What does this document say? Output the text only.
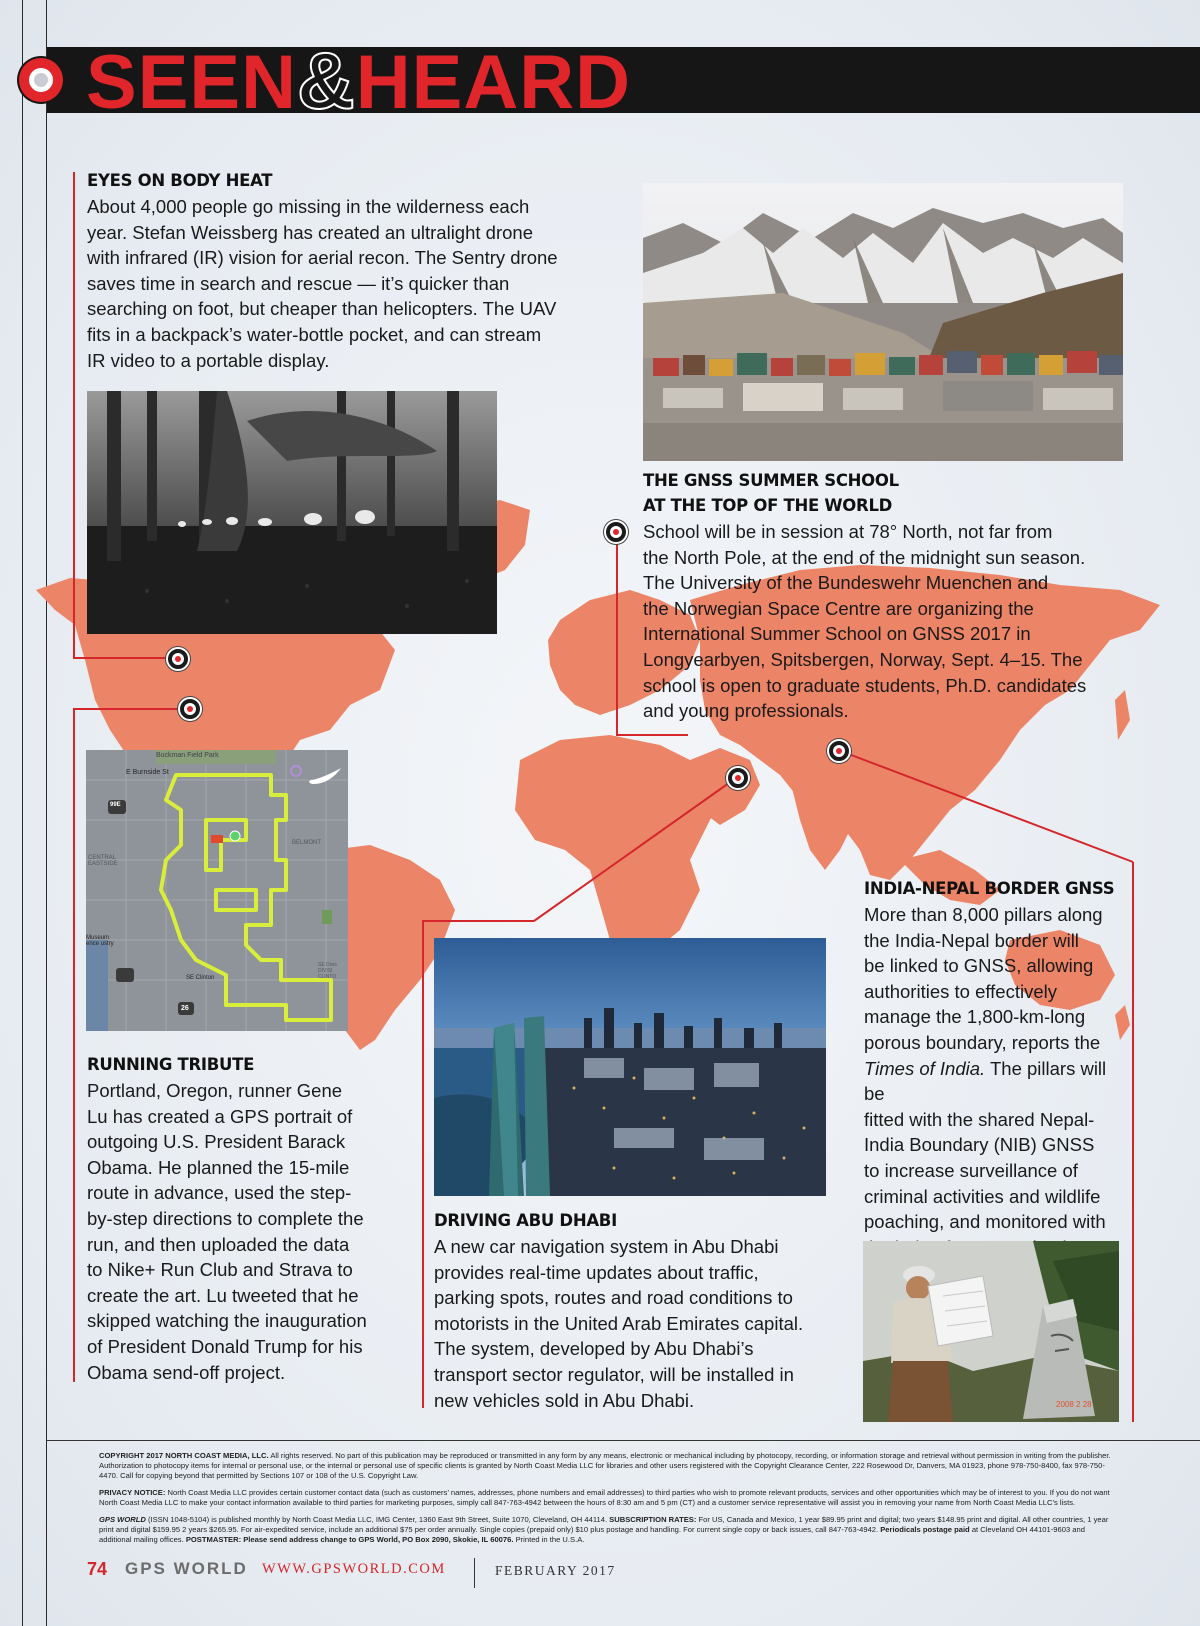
SEEN&HEARD
EYES ON BODY HEAT
About 4,000 people go missing in the wilderness each
year. Stefan Weissberg has created an ultralight drone
with infrared (IR) vision for aerial recon. The Sentry drone
saves time in search and rescue — it’s quicker than
searching on foot, but cheaper than helicopters. The UAV
fits in a backpack’s water-bottle pocket, and can stream
IR video to a portable display.
THE GNSS SUMMER SCHOOL
AT THE TOP OF THE WORLD
School will be in session at 78° North, not far from
the North Pole, at the end of the midnight sun season.
The University of the Bundeswehr Muenchen and
the Norwegian Space Centre are organizing the
International Summer School on GNSS 2017 in
Longyearbyen, Spitsbergen, Norway, Sept. 4–15. The
school is open to graduate students, Ph.D. candidates
and young professionals.
Buckman Field Park
E Burnside St
CENTRAL EASTSIDE
BELMONT
SE Clinton
Museum ence ustry
SE Divis DIVISI CLINTO
99E
26
RUNNING TRIBUTE
Portland, Oregon, runner Gene
Lu has created a GPS portrait of
outgoing U.S. President Barack
Obama. He planned the 15-mile
route in advance, used the step-
by-step directions to complete the
run, and then uploaded the data
to Nike+ Run Club and Strava to
create the art. Lu tweeted that he
skipped watching the inauguration
of President Donald Trump for his
Obama send-off project.
DRIVING ABU DHABI
A new car navigation system in Abu Dhabi
provides real-time updates about traffic,
parking spots, routes and road conditions to
motorists in the United Arab Emirates capital.
The system, developed by Abu Dhabi’s
transport sector regulator, will be installed in
new vehicles sold in Abu Dhabi.
INDIA-NEPAL BORDER GNSS
More than 8,000 pillars along
the India-Nepal border will
be linked to GNSS, allowing
authorities to effectively
manage the 1,800-km-long
porous boundary, reports the
Times of India. The pillars will be
fitted with the shared Nepal-
India Boundary (NIB) GNSS
to increase surveillance of
criminal activities and wildlife
poaching, and monitored with
2008 2 28
COPYRIGHT 2017 NORTH COAST MEDIA, LLC. All rights reserved. No part of this publication may be reproduced or transmitted in any form by any means, electronic or mechanical including by photocopy, recording, or information storage and retrieval without permission in writing from the publisher. Authorization to photocopy items for internal or personal use, or the internal or personal use of specific clients is granted by North Coast Media LLC for libraries and other users registered with the Copyright Clearance Center, 222 Rosewood Dr, Danvers, MA 01923, phone 978-750-8400, fax 978-750-4470. Call for copying beyond that permitted by Sections 107 or 108 of the U.S. Copyright Law.
PRIVACY NOTICE: North Coast Media LLC provides certain customer contact data (such as customers’ names, addresses, phone numbers and email addresses) to third parties who wish to promote relevant products, services and other opportunities which may be of interest to you. If you do not want North Coast Media LLC to make your contact information available to third parties for marketing purposes, simply call 847-763-4942 between the hours of 8:30 am and 5 pm (CT) and a customer service representative will assist you in removing your name from North Coast Media LLC’s lists.
GPS WORLD (ISSN 1048-5104) is published monthly by North Coast Media LLC, IMG Center, 1360 East 9th Street, Suite 1070, Cleveland, OH 44114. SUBSCRIPTION RATES: For US, Canada and Mexico, 1 year $89.95 print and digital; two years $148.95 print and digital. All other countries, 1 year print and digital $159.95 2 years $265.95. For air-expedited service, include an additional $75 per order annually. Single copies (prepaid only) $10 plus postage and handling. For current single copy or back issues, call 847-763-4942. Periodicals postage paid at Cleveland OH 44101-9603 and additional mailing offices. POSTMASTER: Please send address change to GPS World, PO Box 2090, Skokie, IL 60076. Printed in the U.S.A.
74 GPS WORLD WWW.GPSWORLD.COM	FEBRUARY 2017
